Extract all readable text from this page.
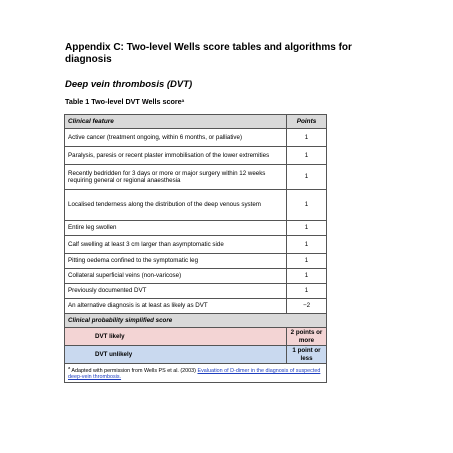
Appendix C: Two-level Wells score tables and algorithms for diagnosis
Deep vein thrombosis (DVT)
Table 1 Two-level DVT Wells score$^a$
Clinical feature	Points
Active cancer (treatment ongoing, within 6 months, or palliative)	1
Paralysis, paresis or recent plaster immobilisation of the lower extremities	1
Recently bedridden for 3 days or more or major surgery within 12 weeks requiring general or regional anaesthesia	1
Localised tenderness along the distribution of the deep venous system	1
Entire leg swollen	1
Calf swelling at least 3 cm larger than asymptomatic side	1
Pitting oedema confined to the symptomatic leg	1
Collateral superficial veins (non-varicose)	1
Previously documented DVT	1
An alternative diagnosis is at least as likely as DVT	−2
Clinical probability simplified score	
DVT likely	2 points or more
DVT unlikely	1 point or less
$^a$ Adapted with permission from Wells PS et al. (2003) Evaluation of D-dimer in the diagnosis of suspected deep-vein thrombosis.	
